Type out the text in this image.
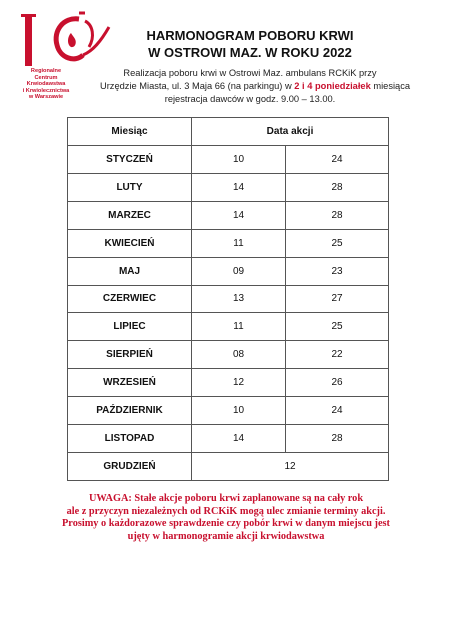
Regionalne
Centrum
Krwiodawstwa
i Krwiolecznictwa
w Warszawie
HARMONOGRAM POBORU KRWI
W OSTROWI MAZ. W ROKU 2022
Realizacja poboru krwi w Ostrowi Maz. ambulans RCKiK przy
Urzędzie Miasta, ul. 3 Maja 66 (na parkingu) w 2 i 4 poniedziałek miesiąca
rejestracja dawców w godz. 9.00 – 13.00.
Miesiąc	Data akcji	
STYCZEŃ	10	24
LUTY	14	28
MARZEC	14	28
KWIECIEŃ	11	25
MAJ	09	23
CZERWIEC	13	27
LIPIEC	11	25
SIERPIEŃ	08	22
WRZESIEŃ	12	26
PAŹDZIERNIK	10	24
LISTOPAD	14	28
GRUDZIEŃ	12	
UWAGA: Stałe akcje poboru krwi zaplanowane są na cały rok
ale z przyczyn niezależnych od RCKiK mogą ulec zmianie terminy akcji.
Prosimy o każdorazowe sprawdzenie czy pobór krwi w danym miejscu jest
ujęty w harmonogramie akcji krwiodawstwa
